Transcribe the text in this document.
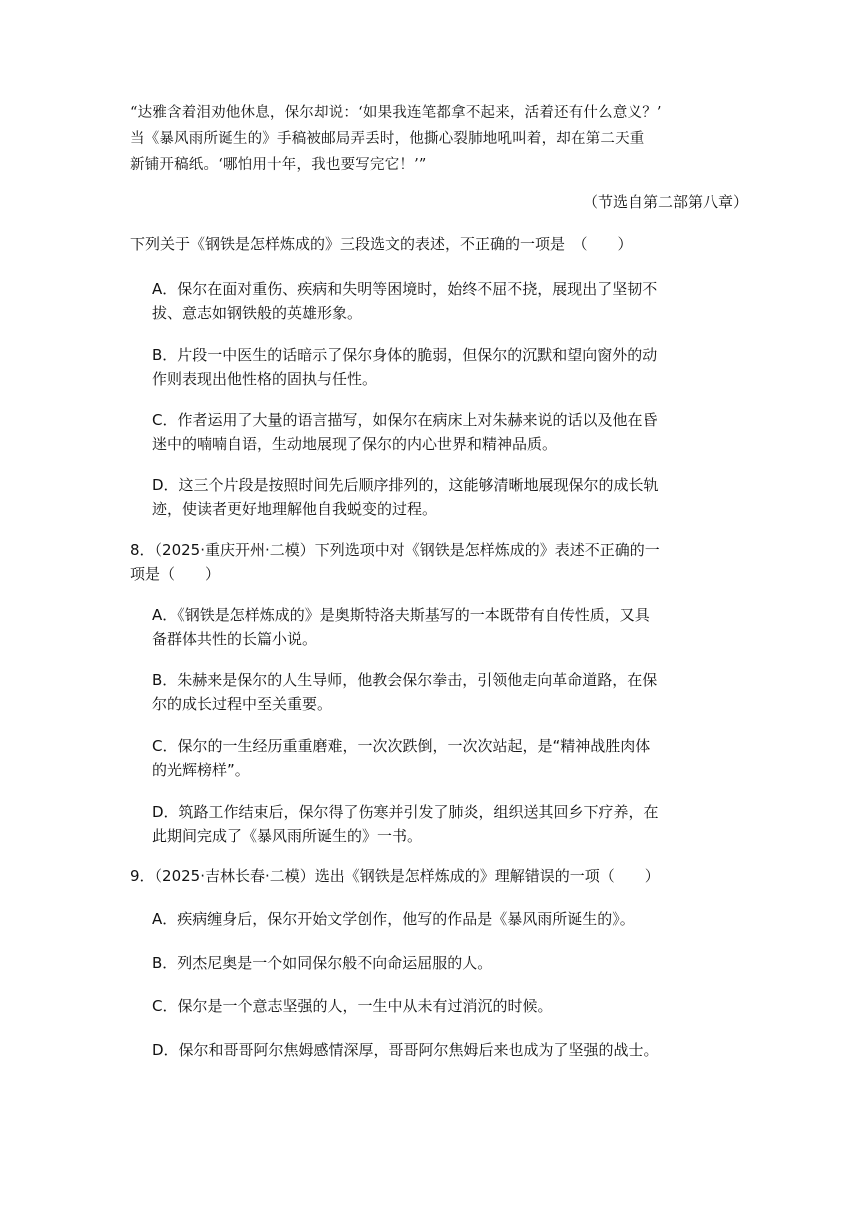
“达雅含着泪劝他休息，保尔却说：‘如果我连笔都拿不起来，活着还有什么意义？’

当《暴风雨所诞生的》手稿被邮局弄丢时，他撕心裂肺地吼叫着，却在第二天重

新铺开稿纸。‘哪怕用十年，我也要写完它！’”

（节选自第二部第八章）

下列关于《钢铁是怎样炼成的》三段选文的表述，不正确的一项是　（　　）

A．保尔在面对重伤、疾病和失明等困境时，始终不屈不挠，展现出了坚韧不

拔、意志如钢铁般的英雄形象。

B．片段一中医生的话暗示了保尔身体的脆弱，但保尔的沉默和望向窗外的动

作则表现出他性格的固执与任性。

C．作者运用了大量的语言描写，如保尔在病床上对朱赫来说的话以及他在昏

迷中的喃喃自语，生动地展现了保尔的内心世界和精神品质。

D．这三个片段是按照时间先后顺序排列的，这能够清晰地展现保尔的成长轨

迹，使读者更好地理解他自我蜕变的过程。

8．（2025·重庆开州·二模）下列选项中对《钢铁是怎样炼成的》表述不正确的一

项是（　　）

A．《钢铁是怎样炼成的》是奥斯特洛夫斯基写的一本既带有自传性质，又具

备群体共性的长篇小说。

B．朱赫来是保尔的人生导师，他教会保尔拳击，引领他走向革命道路，在保

尔的成长过程中至关重要。

C．保尔的一生经历重重磨难，一次次跌倒，一次次站起，是“精神战胜肉体

的光辉榜样”。

D．筑路工作结束后，保尔得了伤寒并引发了肺炎，组织送其回乡下疗养，在

此期间完成了《暴风雨所诞生的》一书。

9．（2025·吉林长春·二模）选出《钢铁是怎样炼成的》理解错误的一项（　　）

A．疾病缠身后，保尔开始文学创作，他写的作品是《暴风雨所诞生的》。

B．列杰尼奥是一个如同保尔般不向命运屈服的人。

C．保尔是一个意志坚强的人，一生中从未有过消沉的时候。

D．保尔和哥哥阿尔焦姆感情深厚，哥哥阿尔焦姆后来也成为了坚强的战士。
